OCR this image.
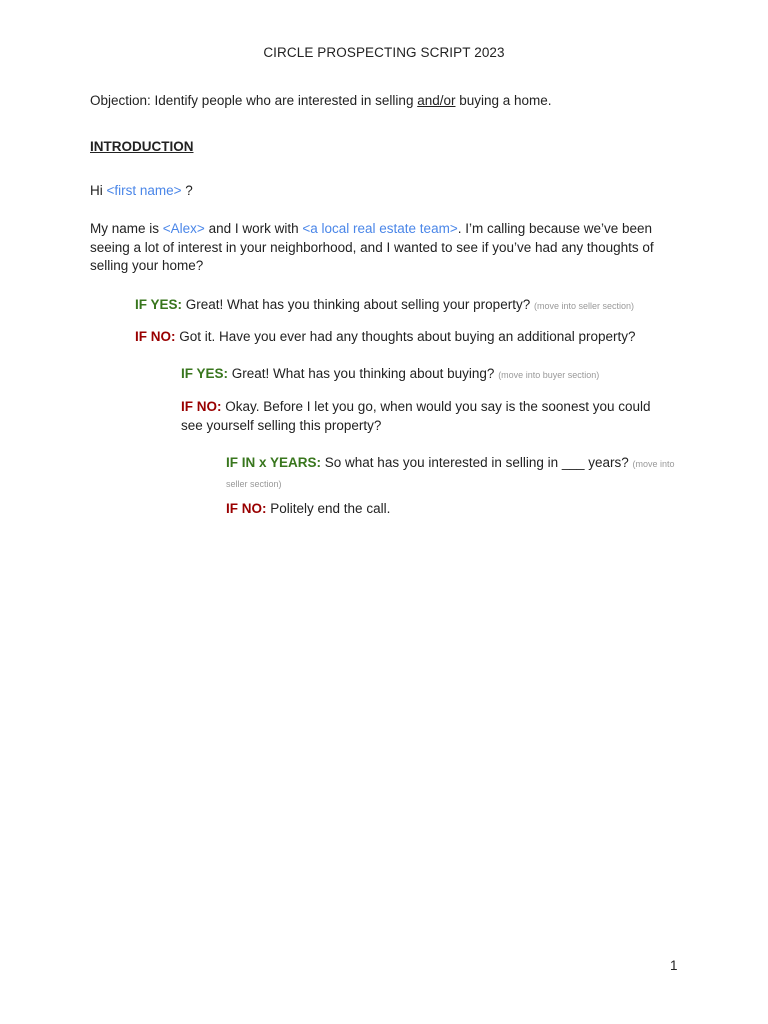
CIRCLE PROSPECTING SCRIPT 2023
Objection: Identify people who are interested in selling and/or buying a home.
INTRODUCTION
Hi <first name> ?
My name is <Alex> and I work with <a local real estate team>. I’m calling because we’ve been seeing a lot of interest in your neighborhood, and I wanted to see if you’ve had any thoughts of selling your home?
IF YES: Great! What has you thinking about selling your property? (move into seller section)
IF NO: Got it. Have you ever had any thoughts about buying an additional property?
IF YES: Great! What has you thinking about buying? (move into buyer section)
IF NO: Okay. Before I let you go, when would you say is the soonest you could see yourself selling this property?
IF IN x YEARS: So what has you interested in selling in ___ years? (move into seller section)
IF NO: Politely end the call.
1
